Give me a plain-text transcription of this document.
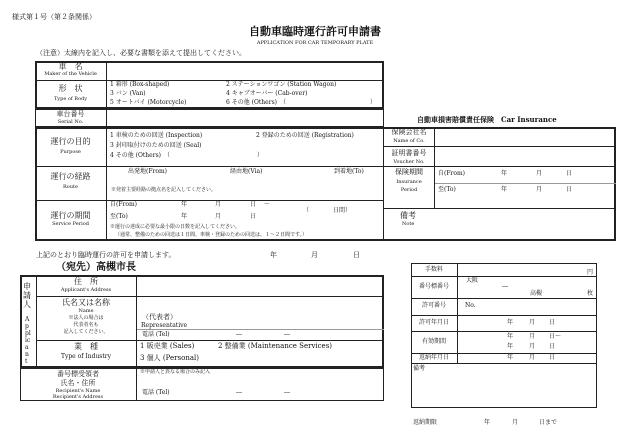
様式第１号（第２条関係）
自動車臨時運行許可申請書
APPLICATION FOR CAR TEMPORARY PLATE
（注意）太線内を記入し、必要な書類を添えて提出してください。
車　名
Maker of the Vehicle
形　状
Type of Body
1 箱形 (Box-shaped)	2 ステーションワゴン (Station Wagon)
3 バン (Van)	4 キャブオーバー (Cab-over)
5 オートバイ (Motorcycle)	6 その他 (Others)　（	）
車台番号
Serial No.	自動車損害賠償責任保険　Car Insurance
運行の目的
Purpose
1 車検のための回送 (Inspection)	2 登録のための回送 (Registration)
3 封印取付けのための回送 (Seal)
4 その他 (Others)　（	）
運行の経路
Route
出発地(From)	経由地(Via)	到着地(To)
※発着主要経路の拠点名を記入してください。
運行の期間
Service Period
自(From)	年	月	日 〜
（　　　　日間）
至(To)	年	月	日
※運行の達成に必要な最小限の日数を記入してください。
（通常、整備のための回送は１日間、車検・登録のための回送は、１〜２日間です。）
保険会社名
Name of Co.
証明書番号
Voucher No.
保険期間
Insurance
Period
自(From)	年	月	日
至(To)	年	月	日
備考
Note
上記のとおり臨時運行の許可を申請します。	年	月	日
（宛先）高槻市長
申請人
Applicant
住　所
Applicant's Address
氏名又は名称
Name
※法人の場合は
代表者名も
記入してください。
（代表者）
Representative
電話 (Tel)	―	―
業　種
Type of Industry
1 販売業 (Sales)	2 整備業 (Maintenance Services)
3 個人 (Personal)
番号標受領者
氏名・住所
Recipient's Name
Recipient's Address
※申請人と異なる場合のみ記入
電話 (Tel)	―	―
手数料	円
番号標番号
大阪
―
高槻	枚
許可番号	No.
許可年月日	年	月 日
有効期間
年	月 日〜
年	月 日
返納年月日	年	月 日
備考
返納期限	年	月	日まで
